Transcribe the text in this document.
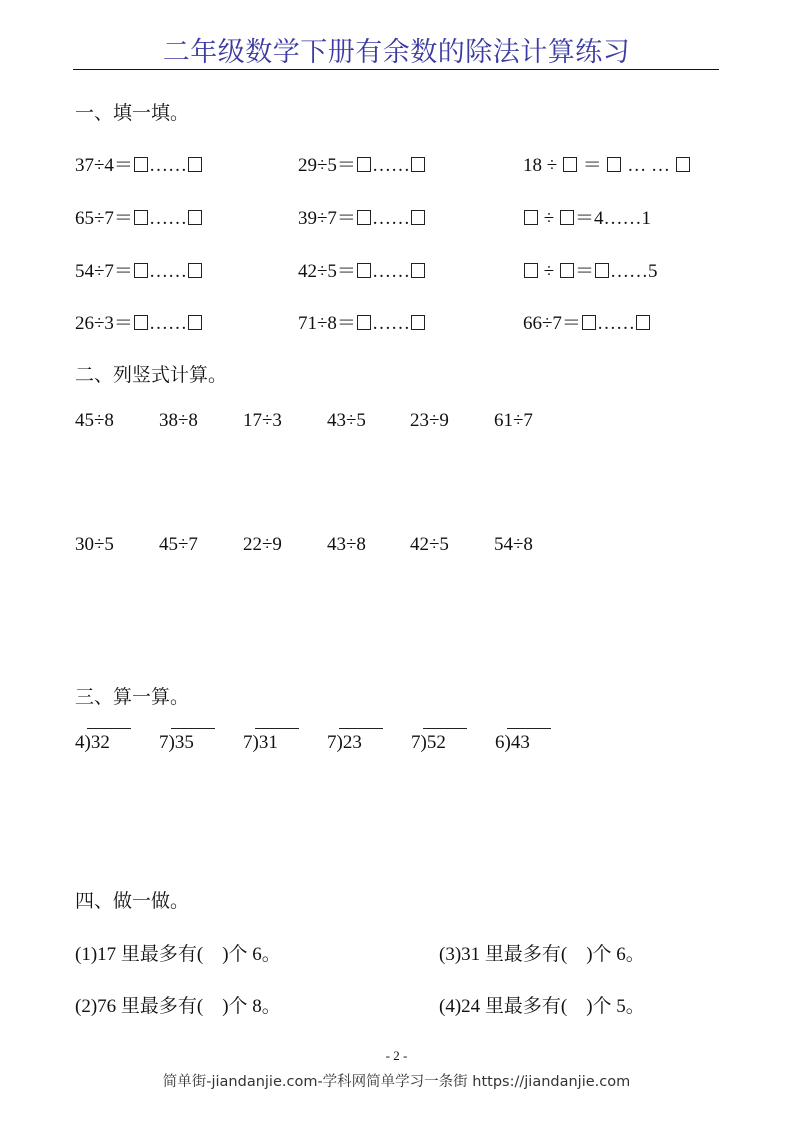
二年级数学下册有余数的除法计算练习
一、填一填。
37÷4＝ ……	29÷5＝ ……	18 ÷  ＝  … …
65÷7＝ ……	39÷7＝ ……	÷ ＝4……1
54÷7＝ ……	42÷5＝ ……	÷ ＝ ……5
26÷3＝ ……	71÷8＝ ……	66÷7＝ ……
二、列竖式计算。
45÷8 38÷8 17÷3 43÷5 23÷9 61÷7
30÷5 45÷7 22÷9 43÷8 42÷5 54÷8
三、算一算。
4)32	7)35	7)31	7)23	7)52	6)43
四、做一做。
(1)17 里最多有(    )个 6。	(3)31 里最多有(    )个 6。
(2)76 里最多有(    )个 8。	(4)24 里最多有(    )个 5。
- 2 -
简单街-jiandanjie.com-学科网简单学习一条街 https://jiandanjie.com
